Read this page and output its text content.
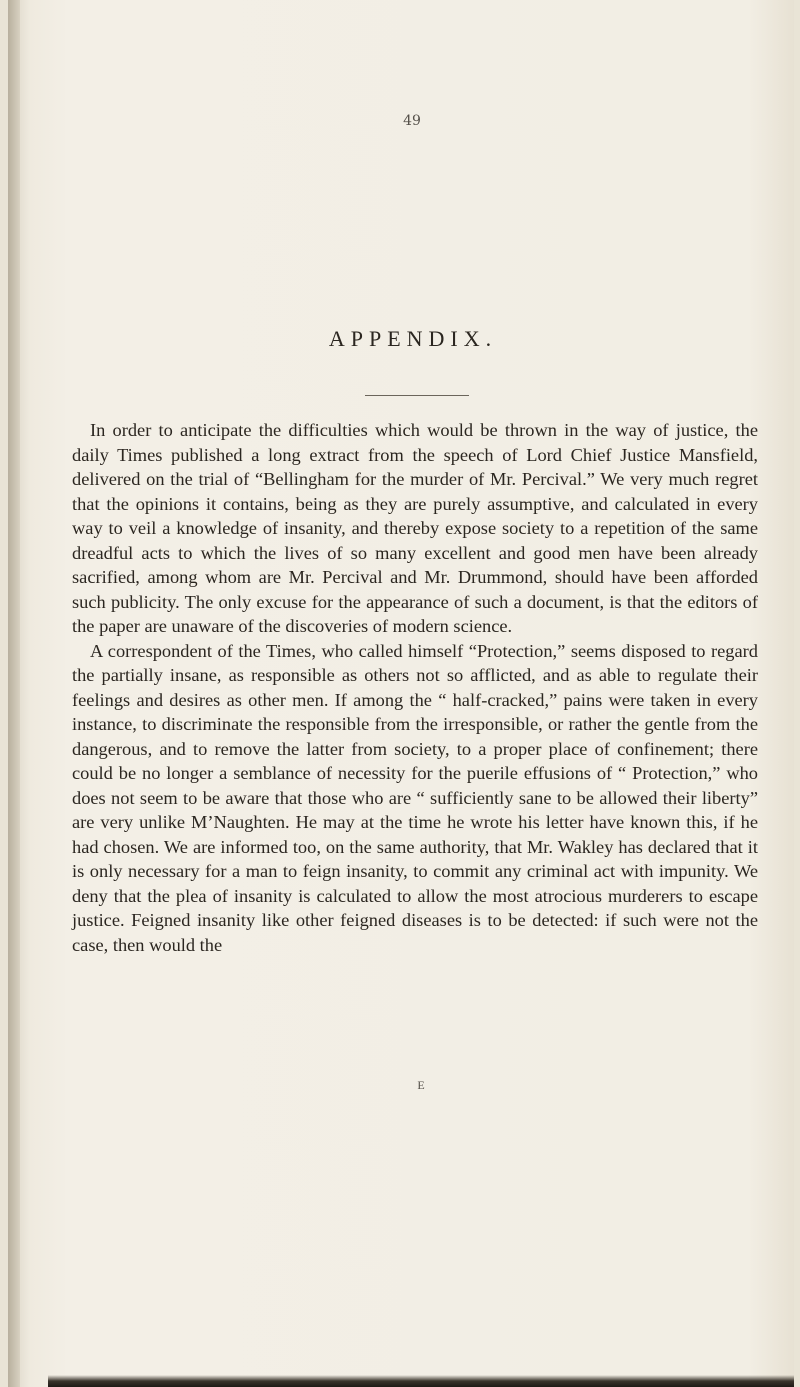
49
APPENDIX.

In order to anticipate the difficulties which would be thrown in the way of justice, the daily Times published a long extract from the speech of Lord Chief Justice Mansfield, delivered on the trial of “Bellingham for the murder of Mr. Percival.” We very much regret that the opinions it contains, being as they are purely assumptive, and calculated in every way to veil a knowledge of insanity, and thereby expose society to a repetition of the same dreadful acts to which the lives of so many excellent and good men have been already sacrified, among whom are Mr. Percival and Mr. Drummond, should have been afforded such publicity. The only excuse for the appearance of such a document, is that the editors of the paper are unaware of the discoveries of modern science.

A correspondent of the Times, who called himself “Protection,” seems disposed to regard the partially insane, as responsible as others not so afflicted, and as able to regulate their feelings and desires as other men. If among the “ half-cracked,” pains were taken in every instance, to discriminate the responsible from the irresponsible, or rather the gentle from the dangerous, and to remove the latter from society, to a proper place of confinement; there could be no longer a semblance of necessity for the puerile effusions of “ Protection,” who does not seem to be aware that those who are “ sufficiently sane to be allowed their liberty” are very unlike M’Naughten. He may at the time he wrote his letter have known this, if he had chosen. We are informed too, on the same authority, that Mr. Wakley has declared that it is only necessary for a man to feign insanity, to commit any criminal act with impunity. We deny that the plea of insanity is calculated to allow the most atrocious murderers to escape justice. Feigned insanity like other feigned diseases is to be detected: if such were not the case, then would the

E
